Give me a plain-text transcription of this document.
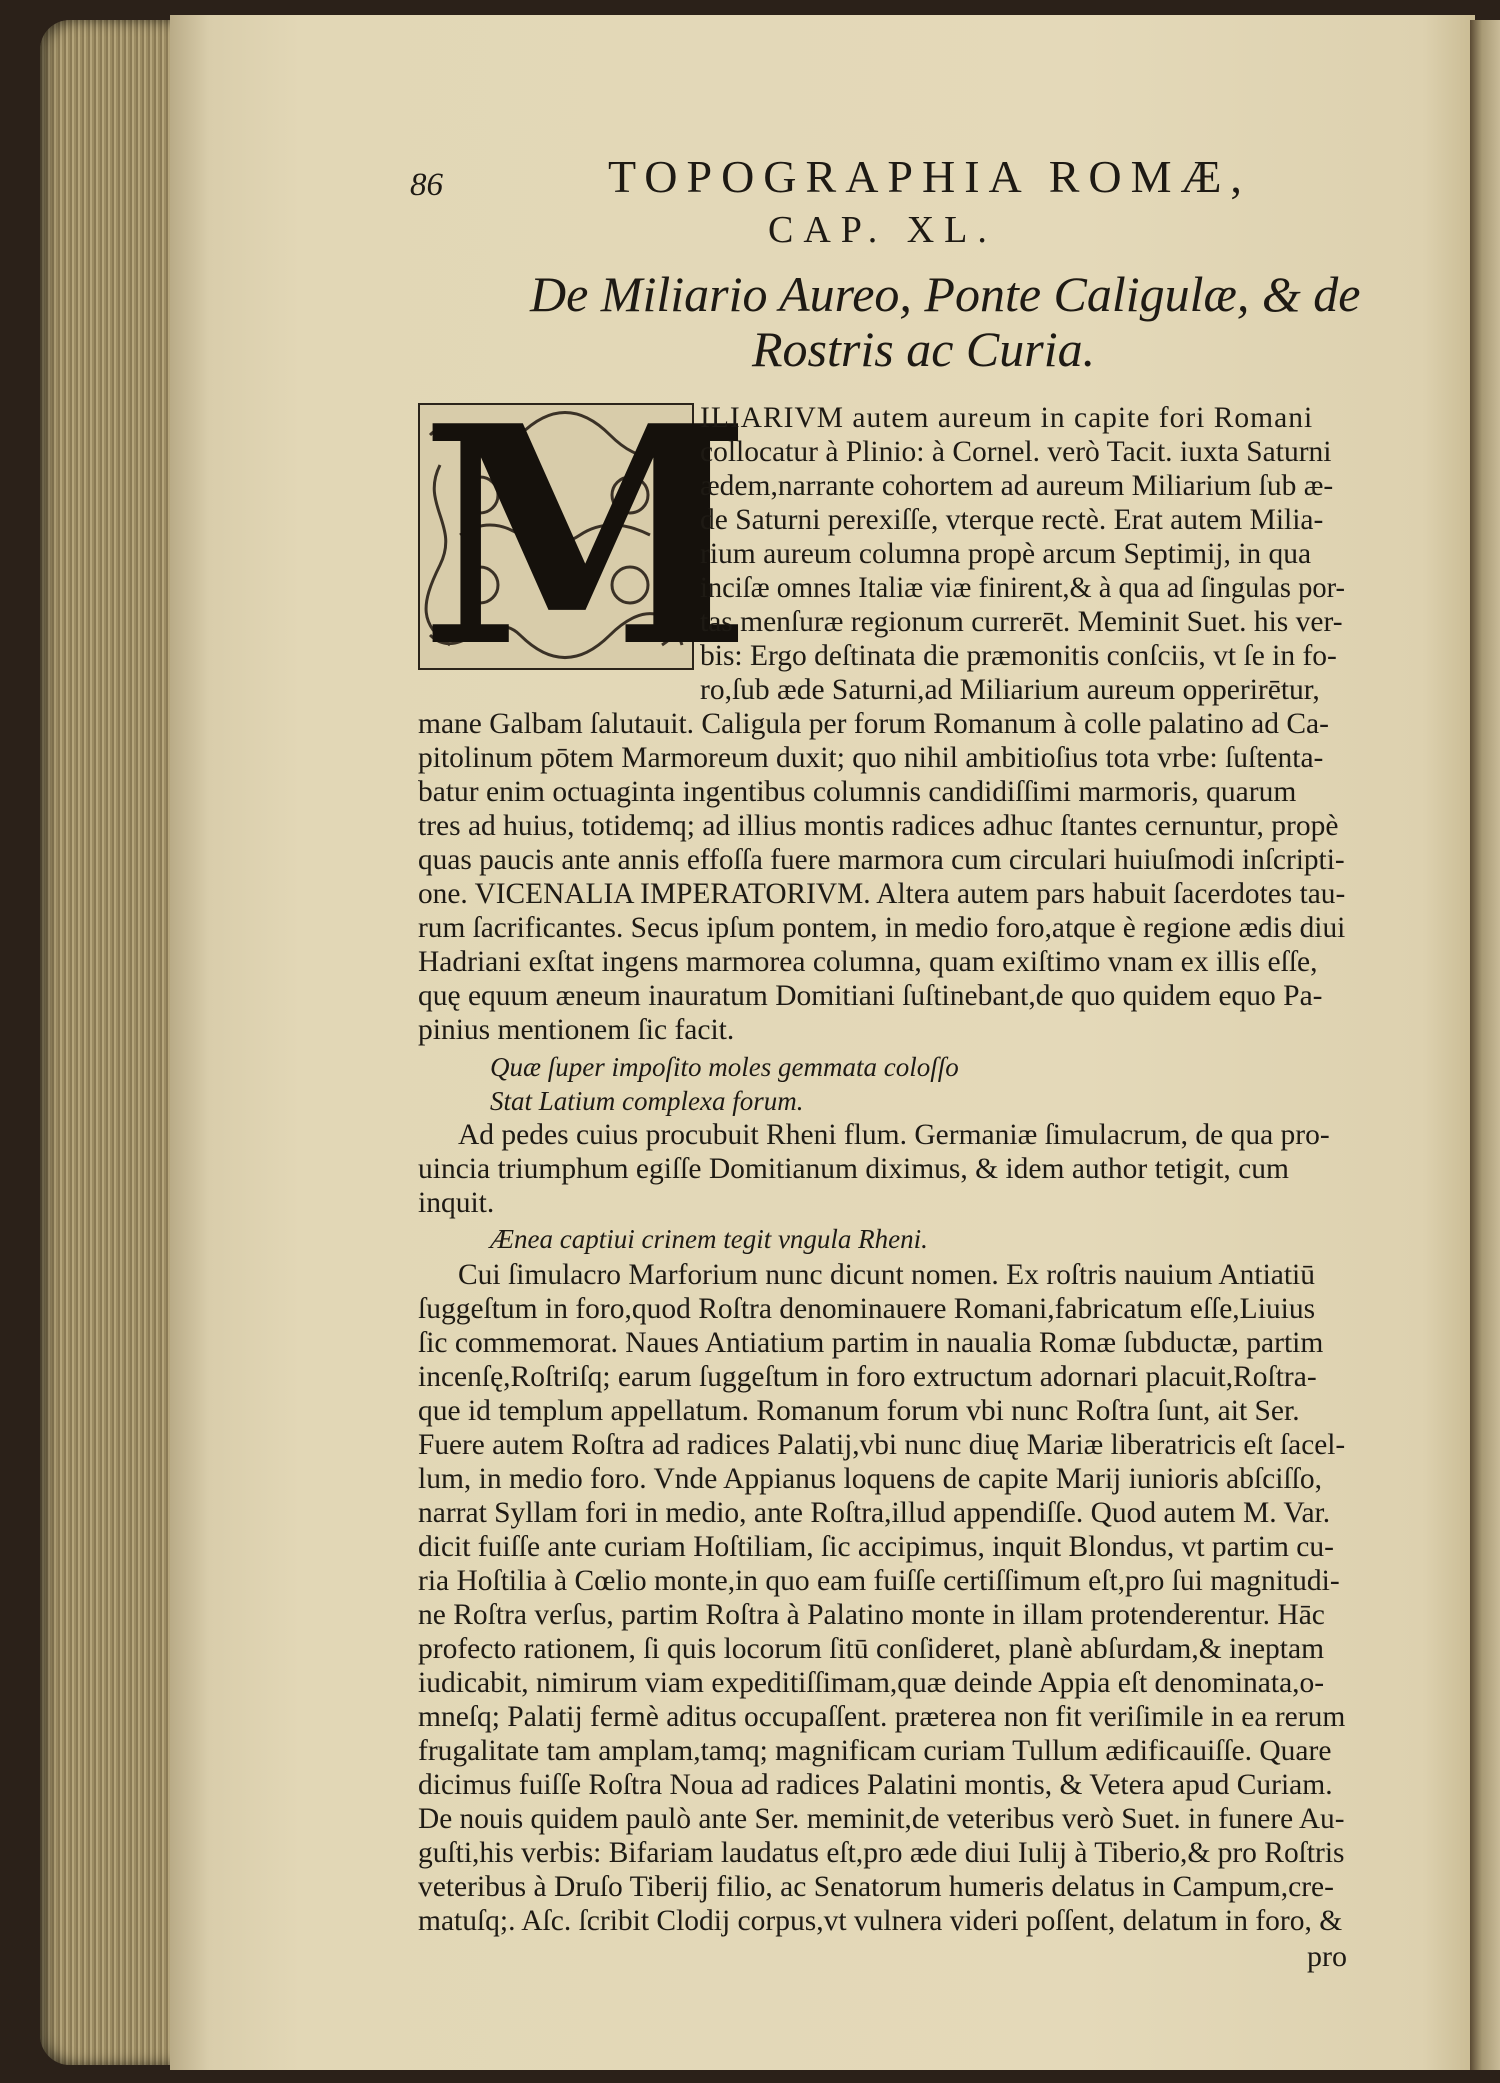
86	TOPOGRAPHIA ROMÆ,
CAP. XL.
De Miliario Aureo, Ponte Caligulæ, & de
Rostris ac Curia.
M
ILIARIVM autem aureum in capite fori Romani
collocatur à Plinio: à Cornel. verò Tacit. iuxta Saturni
ædem,narrante cohortem ad aureum Miliarium ſub æ-
de Saturni perexiſſe, vterque rectè. Erat autem Milia-
rium aureum columna propè arcum Septimij, in qua
inciſæ omnes Italiæ viæ finirent,& à qua ad ſingulas por-
tas menſuræ regionum currerēt. Meminit Suet. his ver-
bis: Ergo deſtinata die præmonitis conſciis, vt ſe in fo-
ro,ſub æde Saturni,ad Miliarium aureum opperirētur,
mane Galbam ſalutauit. Caligula per forum Romanum à colle palatino ad Ca-
pitolinum pōtem Marmoreum duxit; quo nihil ambitioſius tota vrbe: ſuſtenta-
batur enim octuaginta ingentibus columnis candidiſſimi marmoris, quarum
tres ad huius, totidemq; ad illius montis radices adhuc ſtantes cernuntur, propè
quas paucis ante annis effoſſa fuere marmora cum circulari huiuſmodi inſcripti-
one. VICENALIA IMPERATORIVM. Altera autem pars habuit ſacerdotes tau-
rum ſacrificantes. Secus ipſum pontem, in medio foro,atque è regione ædis diui
Hadriani exſtat ingens marmorea columna, quam exiſtimo vnam ex illis eſſe,
quę equum æneum inauratum Domitiani ſuſtinebant,de quo quidem equo Pa-
pinius mentionem ſic facit.
Quæ ſuper impoſito moles gemmata coloſſo
Stat Latium complexa forum.
Ad pedes cuius procubuit Rheni flum. Germaniæ ſimulacrum, de qua pro-
uincia triumphum egiſſe Domitianum diximus, & idem author tetigit, cum
inquit.
Ænea captiui crinem tegit vngula Rheni.
Cui ſimulacro Marforium nunc dicunt nomen. Ex roſtris nauium Antiatiū
ſuggeſtum in foro,quod Roſtra denominauere Romani,fabricatum eſſe,Liuius
ſic commemorat. Naues Antiatium partim in naualia Romæ ſubductæ, partim
incenſę,Roſtriſq; earum ſuggeſtum in foro extructum adornari placuit,Roſtra-
que id templum appellatum. Romanum forum vbi nunc Roſtra ſunt, ait Ser.
Fuere autem Roſtra ad radices Palatij,vbi nunc diuę Mariæ liberatricis eſt ſacel-
lum, in medio foro. Vnde Appianus loquens de capite Marij iunioris abſciſſo,
narrat Syllam fori in medio, ante Roſtra,illud appendiſſe. Quod autem M. Var.
dicit fuiſſe ante curiam Hoſtiliam, ſic accipimus, inquit Blondus, vt partim cu-
ria Hoſtilia à Cœlio monte,in quo eam fuiſſe certiſſimum eſt,pro ſui magnitudi-
ne Roſtra verſus, partim Roſtra à Palatino monte in illam protenderentur. Hāc
profecto rationem, ſi quis locorum ſitū conſideret, planè abſurdam,& ineptam
iudicabit, nimirum viam expeditiſſimam,quæ deinde Appia eſt denominata,o-
mneſq; Palatij fermè aditus occupaſſent. præterea non fit veriſimile in ea rerum
frugalitate tam amplam,tamq; magnificam curiam Tullum ædificauiſſe. Quare
dicimus fuiſſe Roſtra Noua ad radices Palatini montis, & Vetera apud Curiam.
De nouis quidem paulò ante Ser. meminit,de veteribus verò Suet. in funere Au-
guſti,his verbis: Bifariam laudatus eſt,pro æde diui Iulij à Tiberio,& pro Roſtris
veteribus à Druſo Tiberij filio, ac Senatorum humeris delatus in Campum,cre-
matuſq;. Aſc. ſcribit Clodij corpus,vt vulnera videri poſſent, delatum in foro, &
pro
